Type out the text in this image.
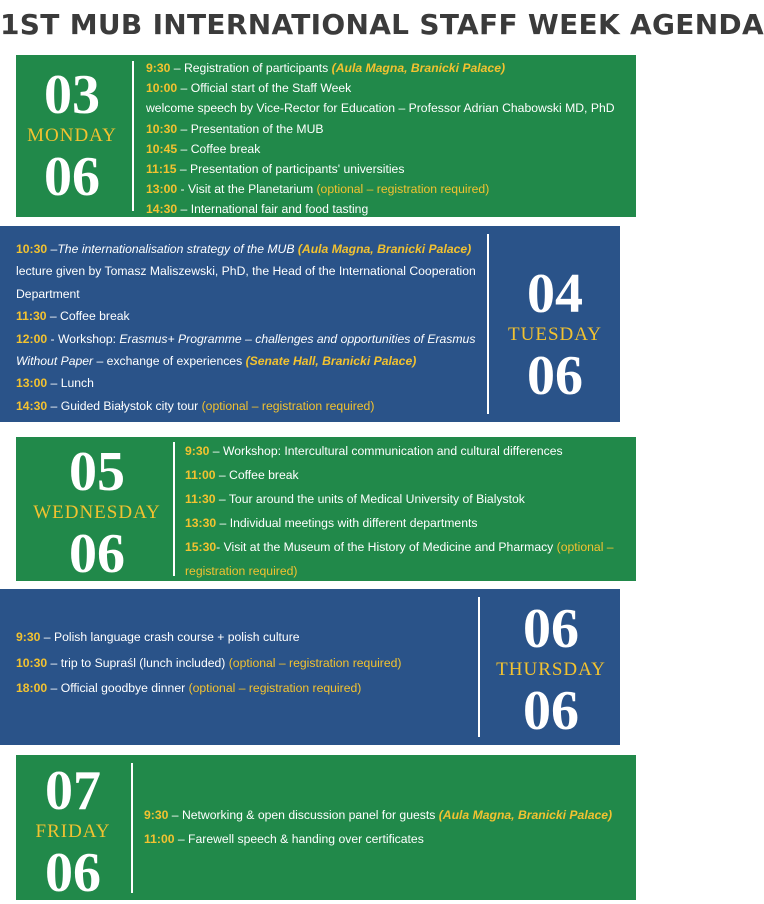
1ST MUB INTERNATIONAL STAFF WEEK AGENDA
03
MONDAY
06
9:30 – Registration of participants (Aula Magna, Branicki Palace)
10:00 – Official start of the Staff Week
welcome speech by Vice-Rector for Education – Professor Adrian Chabowski MD, PhD
10:30 – Presentation of the MUB
10:45 – Coffee break
11:15 – Presentation of participants' universities
13:00 - Visit at the Planetarium (optional – registration required)
14:30 – International fair and food tasting
10:30 –The internationalisation strategy of the MUB (Aula Magna, Branicki Palace)
lecture given by Tomasz Maliszewski, PhD, the Head of the International Cooperation Department
11:30 – Coffee break
12:00 - Workshop: Erasmus+ Programme – challenges and opportunities of Erasmus Without Paper – exchange of experiences (Senate Hall, Branicki Palace)
13:00 – Lunch
14:30 – Guided Białystok city tour (optional – registration required)
04
TUESDAY
06
05
WEDNESDAY
06
9:30 – Workshop: Intercultural communication and cultural differences
11:00 – Coffee break
11:30 – Tour around the units of Medical University of Bialystok
13:30 – Individual meetings with different departments
15:30- Visit at the Museum of the History of Medicine and Pharmacy (optional – registration required)
9:30 – Polish language crash course + polish culture
10:30 – trip to Supraśl (lunch included) (optional – registration required)
18:00 – Official goodbye dinner (optional – registration required)
06
THURSDAY
06
07
FRIDAY
06
9:30 – Networking & open discussion panel for guests (Aula Magna, Branicki Palace)
11:00 – Farewell speech & handing over certificates
